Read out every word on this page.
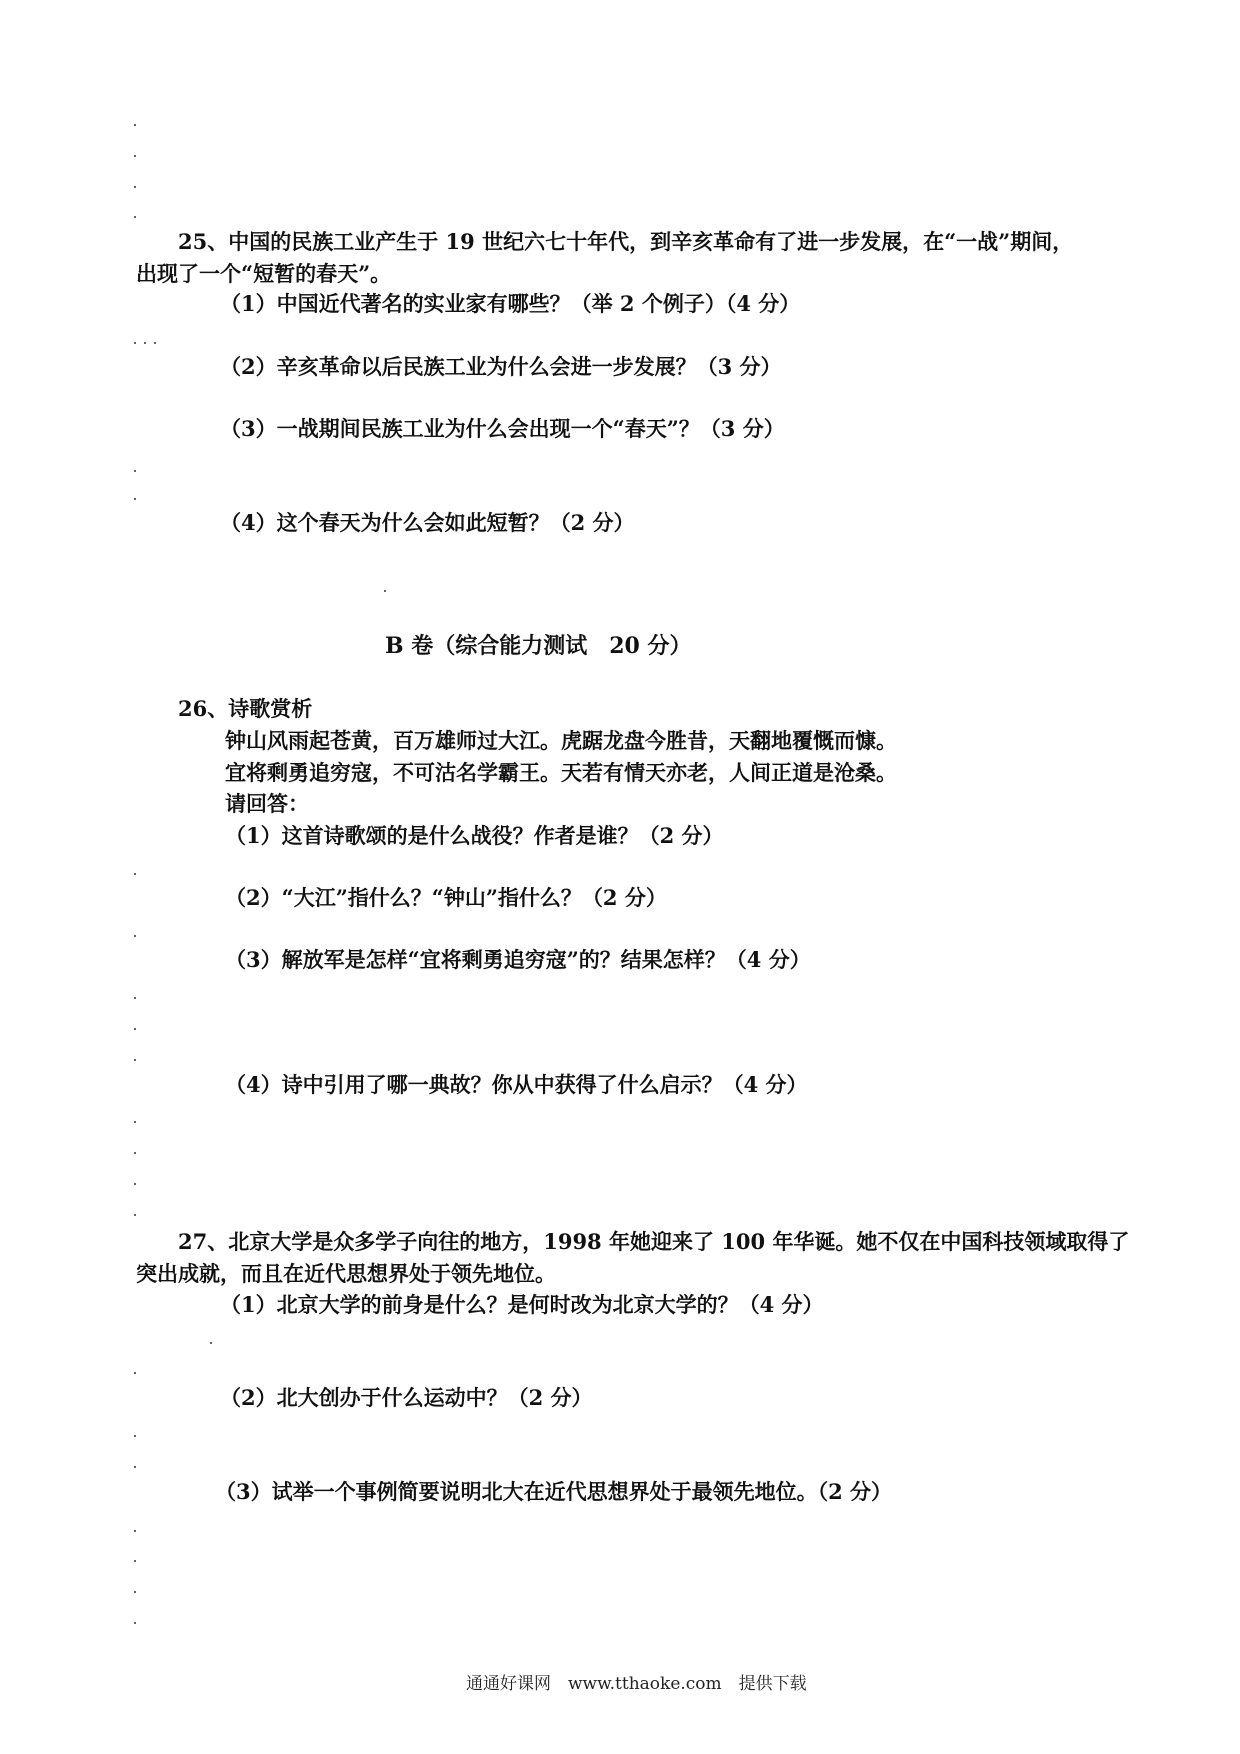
25、中国的民族工业产生于 19 世纪六七十年代，到辛亥革命有了进一步发展，在“一战”期间，
出现了一个“短暂的春天”。
（1）中国近代著名的实业家有哪些？（举 2 个例子）（4 分）
（2）辛亥革命以后民族工业为什么会进一步发展？（3 分）
（3）一战期间民族工业为什么会出现一个“春天”？（3 分）
（4）这个春天为什么会如此短暂？（2 分）
B 卷（综合能力测试　20 分）
26、诗歌赏析
钟山风雨起苍黄，百万雄师过大江。虎踞龙盘今胜昔，天翻地覆慨而慷。
宜将剩勇追穷寇，不可沽名学霸王。天若有情天亦老，人间正道是沧桑。
请回答：
（1）这首诗歌颂的是什么战役？作者是谁？（2 分）
（2）“大江”指什么？“钟山”指什么？（2 分）
（3）解放军是怎样“宜将剩勇追穷寇”的？结果怎样？（4 分）
（4）诗中引用了哪一典故？你从中获得了什么启示？（4 分）
27、北京大学是众多学子向往的地方，1998 年她迎来了 100 年华诞。她不仅在中国科技领域取得了
突出成就，而且在近代思想界处于领先地位。
（1）北京大学的前身是什么？是何时改为北京大学的？（4 分）
（2）北大创办于什么运动中？（2 分）
（3）试举一个事例简要说明北大在近代思想界处于最领先地位。（2 分）
通通好课网　www.tthaoke.com　提供下载
